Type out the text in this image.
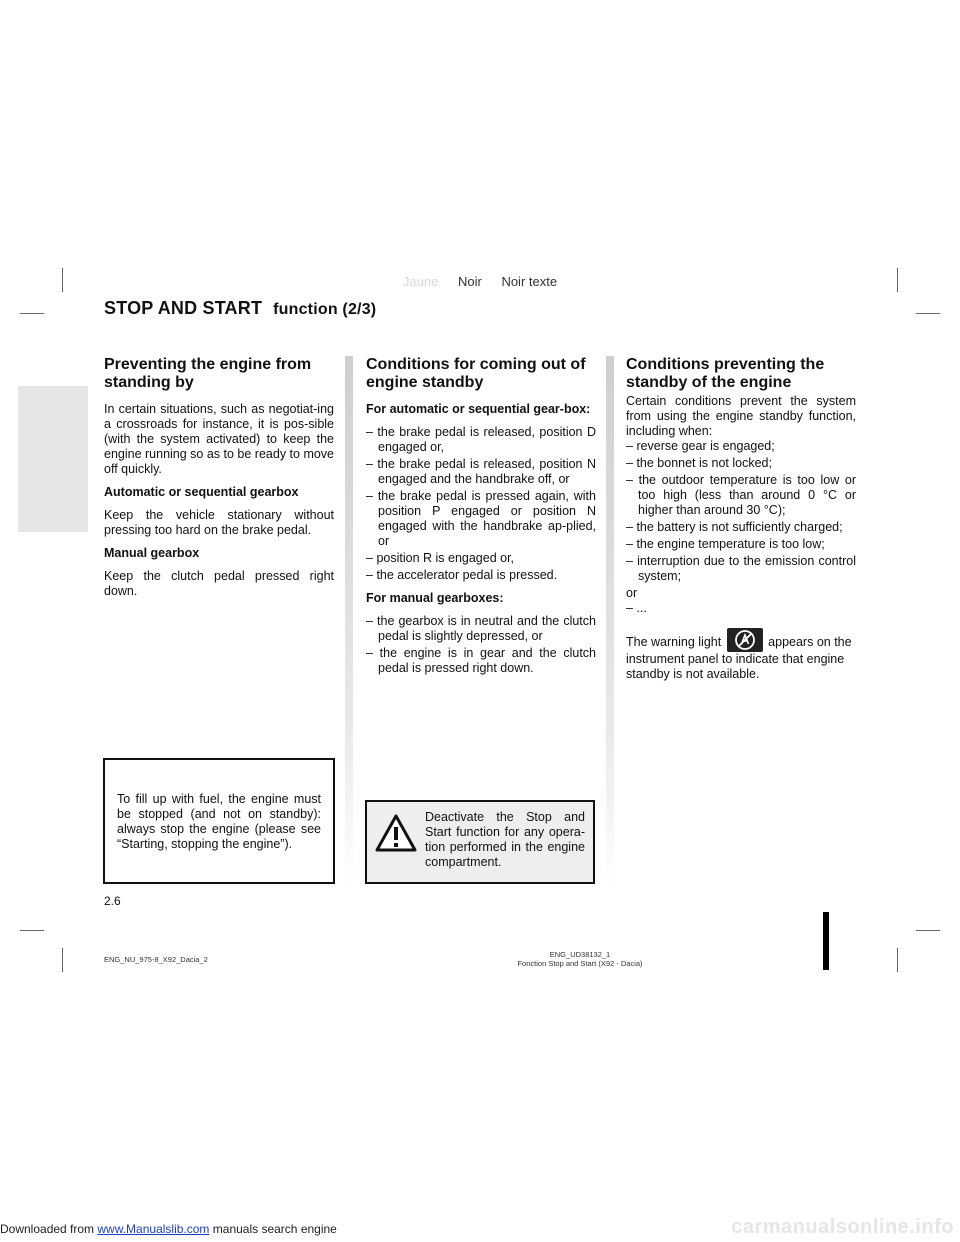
Jaune Noir Noir texte
STOP AND START function (2/3)
Preventing the engine from standing by

In certain situations, such as negotiat-ing a crossroads for instance, it is pos-sible (with the system activated) to keep the engine running so as to be ready to move off quickly.

Automatic or sequential gearbox

Keep the vehicle stationary without pressing too hard on the brake pedal.

Manual gearbox

Keep the clutch pedal pressed right down.

To fill up with fuel, the engine must be stopped (and not on standby): always stop the engine (please see “Starting, stopping the engine”).
Conditions for coming out of engine standby

For automatic or sequential gear-box:

– the brake pedal is released, position D engaged or,
– the brake pedal is released, position N engaged and the handbrake off, or
– the brake pedal is pressed again, with position P engaged or position N engaged with the handbrake ap-plied, or
– position R is engaged or,
– the accelerator pedal is pressed.

For manual gearboxes:

– the gearbox is in neutral and the clutch pedal is slightly depressed, or
– the engine is in gear and the clutch pedal is pressed right down.
Deactivate the Stop and Start function for any opera-tion performed in the engine compartment.
Conditions preventing the standby of the engine

Certain conditions prevent the system from using the engine standby function, including when:

– reverse gear is engaged;
– the bonnet is not locked;
– the outdoor temperature is too low or too high (less than around 0 °C or higher than around 30 °C);
– the battery is not sufficiently charged;
– the engine temperature is too low;
– interruption due to the emission control system;

or

– ...

The warning light	appears on the instrument panel to indicate that engine standby is not available.

2.6
ENG_NU_975-8_X92_Dacia_2
ENG_UD38132_1
Fonction Stop and Start (X92 - Dacia)
Downloaded from www.Manualslib.com manuals search engine	carmanualsonline.info
